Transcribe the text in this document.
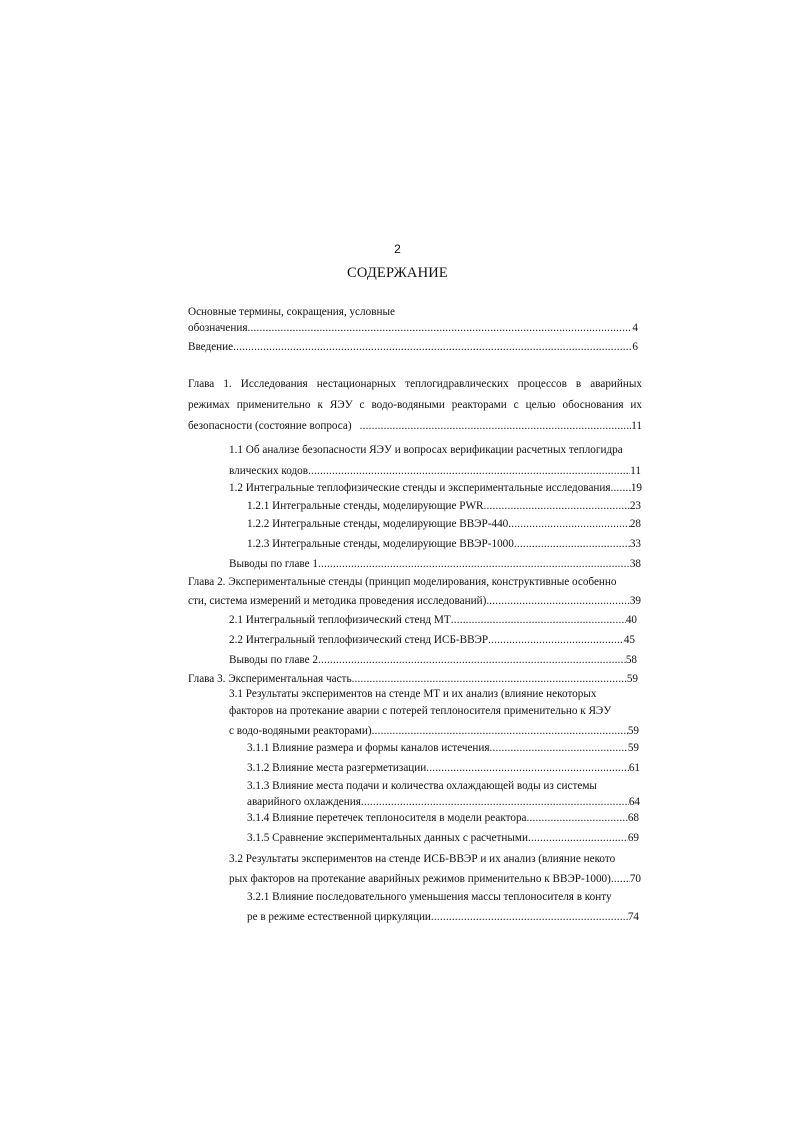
2
СОДЕРЖАНИЕ
Основные термины, сокращения, условные
обозначения .....	4
Введение .....	6
Глава 1. Исследования нестационарных теплогидравлических процессов в аварийных
режимах применительно к ЯЭУ с водо-водяными реакторами с целью обоснования их
безопасности (состояние вопроса) .....	11
1.1 Об анализе безопасности ЯЭУ и вопросах верификации расчетных теплогидра
влических кодов .....	11
1.2 Интегральные теплофизические стенды и экспериментальные исследования ..... 19
1.2.1 Интегральные стенды, моделирующие PWR .....	23
1.2.2 Интегральные стенды, моделирующие ВВЭР-440 .....	28
1.2.3 Интегральные стенды, моделирующие ВВЭР-1000 .....	33
Выводы по главе 1 .....	38
Глава 2. Экспериментальные стенды (принцип моделирования, конструктивные особенно
сти, система измерений и методика проведения исследований) .....	39
2.1 Интегральный теплофизический стенд МТ .....	40
2.2 Интегральный теплофизический стенд ИСБ-ВВЭР .....	45
Выводы по главе 2 .....	58
Глава 3. Экспериментальная часть .....	59
3.1 Результаты экспериментов на стенде МТ и их анализ (влияние некоторых
факторов на протекание аварии с потерей теплоносителя применительно к ЯЭУ
с водо-водяными реакторами) .....	59
3.1.1 Влияние размера и формы каналов истечения .....	59
3.1.2 Влияние места разгерметизации .....	61
3.1.3 Влияние места подачи и количества охлаждающей воды из системы
аварийного охлаждения .....	64
3.1.4 Влияние перетечек теплоносителя в модели реактора .....	68
3.1.5 Сравнение экспериментальных данных с расчетными .....	69
3.2 Результаты экспериментов на стенде ИСБ-ВВЭР и их анализ (влияние некото
рых факторов на протекание аварийных режимов применительно к ВВЭР-1000) ..... 70
3.2.1 Влияние последовательного уменьшения массы теплоносителя в конту
ре в режиме естественной циркуляции .....	74
